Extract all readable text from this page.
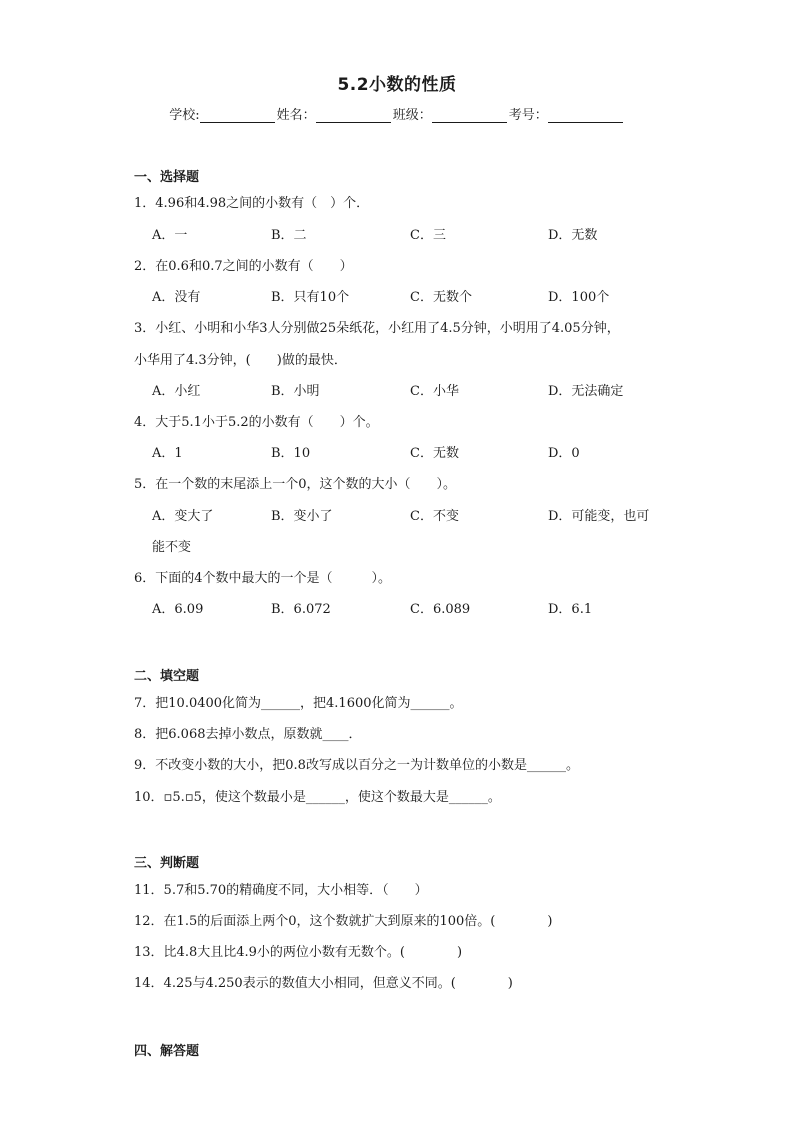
5.2小数的性质
学校:	姓名：	班级：	考号：
一、选择题
1．4.96和4.98之间的小数有（　）个．
A．一	B．二	C．三	D．无数
2．在0.6和0.7之间的小数有（　　）
A．没有	B．只有10个	C．无数个	D．100个
3．小红、小明和小华3人分别做25朵纸花，小红用了4.5分钟，小明用了4.05分钟，
小华用了4.3分钟，(　　)做的最快．
A．小红	B．小明	C．小华	D．无法确定
4．大于5.1小于5.2的小数有（　　）个。
A．1	B．10	C．无数	D．0
5．在一个数的末尾添上一个0，这个数的大小（　　）。
A．变大了	B．变小了	C．不变	D．可能变，也可
能不变
6．下面的4个数中最大的一个是（　　　）。
A．6.09	B．6.072	C．6.089	D．6.1
二、填空题
7．把10.0400化简为______，把4.1600化简为______。
8．把6.068去掉小数点，原数就____．
9．不改变小数的大小，把0.8改写成以百分之一为计数单位的小数是______。
10．▫5.▫5，使这个数最小是______，使这个数最大是______。
三、判断题
11．5.7和5.70的精确度不同，大小相等．（　　）
12．在1.5的后面添上两个0，这个数就扩大到原来的100倍。(　　　　)
13．比4.8大且比4.9小的两位小数有无数个。(　　　　)
14．4.25与4.250表示的数值大小相同，但意义不同。(　　　　)
四、解答题
